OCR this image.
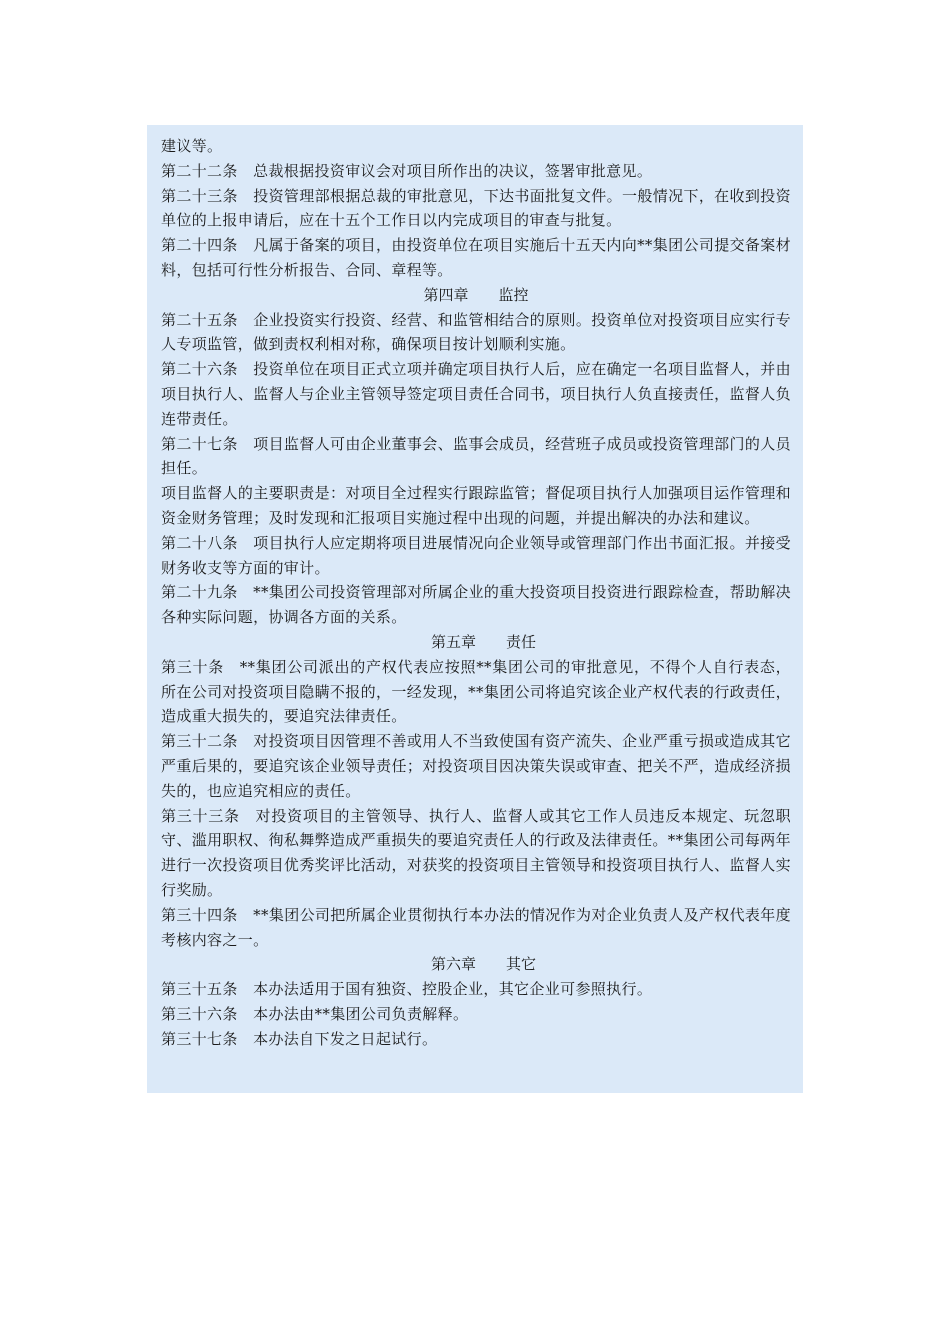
建议等。

第二十二条　总裁根据投资审议会对项目所作出的决议，签署审批意见。

第二十三条　投资管理部根据总裁的审批意见，下达书面批复文件。一般情况下，在收到投资单位的上报申请后，应在十五个工作日以内完成项目的审查与批复。

第二十四条　凡属于备案的项目，由投资单位在项目实施后十五天内向**集团公司提交备案材料，包括可行性分析报告、合同、章程等。

第四章　　监控

第二十五条　企业投资实行投资、经营、和监管相结合的原则。投资单位对投资项目应实行专人专项监管，做到责权利相对称，确保项目按计划顺利实施。

第二十六条　投资单位在项目正式立项并确定项目执行人后，应在确定一名项目监督人，并由项目执行人、监督人与企业主管领导签定项目责任合同书，项目执行人负直接责任，监督人负连带责任。

第二十七条　项目监督人可由企业董事会、监事会成员，经营班子成员或投资管理部门的人员担任。

项目监督人的主要职责是：对项目全过程实行跟踪监管；督促项目执行人加强项目运作管理和资金财务管理；及时发现和汇报项目实施过程中出现的问题，并提出解决的办法和建议。

第二十八条　项目执行人应定期将项目进展情况向企业领导或管理部门作出书面汇报。并接受财务收支等方面的审计。

第二十九条　**集团公司投资管理部对所属企业的重大投资项目投资进行跟踪检查，帮助解决各种实际问题，协调各方面的关系。

　第五章　　责任

第三十条　**集团公司派出的产权代表应按照**集团公司的审批意见，不得个人自行表态，所在公司对投资项目隐瞒不报的，一经发现，**集团公司将追究该企业产权代表的行政责任，造成重大损失的，要追究法律责任。

第三十二条　对投资项目因管理不善或用人不当致使国有资产流失、企业严重亏损或造成其它严重后果的，要追究该企业领导责任；对投资项目因决策失误或审查、把关不严，造成经济损失的，也应追究相应的责任。

第三十三条　对投资项目的主管领导、执行人、监督人或其它工作人员违反本规定、玩忽职守、滥用职权、徇私舞弊造成严重损失的要追究责任人的行政及法律责任。**集团公司每两年进行一次投资项目优秀奖评比活动，对获奖的投资项目主管领导和投资项目执行人、监督人实行奖励。

第三十四条　**集团公司把所属企业贯彻执行本办法的情况作为对企业负责人及产权代表年度考核内容之一。

　第六章　　其它

第三十五条　本办法适用于国有独资、控股企业，其它企业可参照执行。

第三十六条　本办法由**集团公司负责解释。

第三十七条　本办法自下发之日起试行。
